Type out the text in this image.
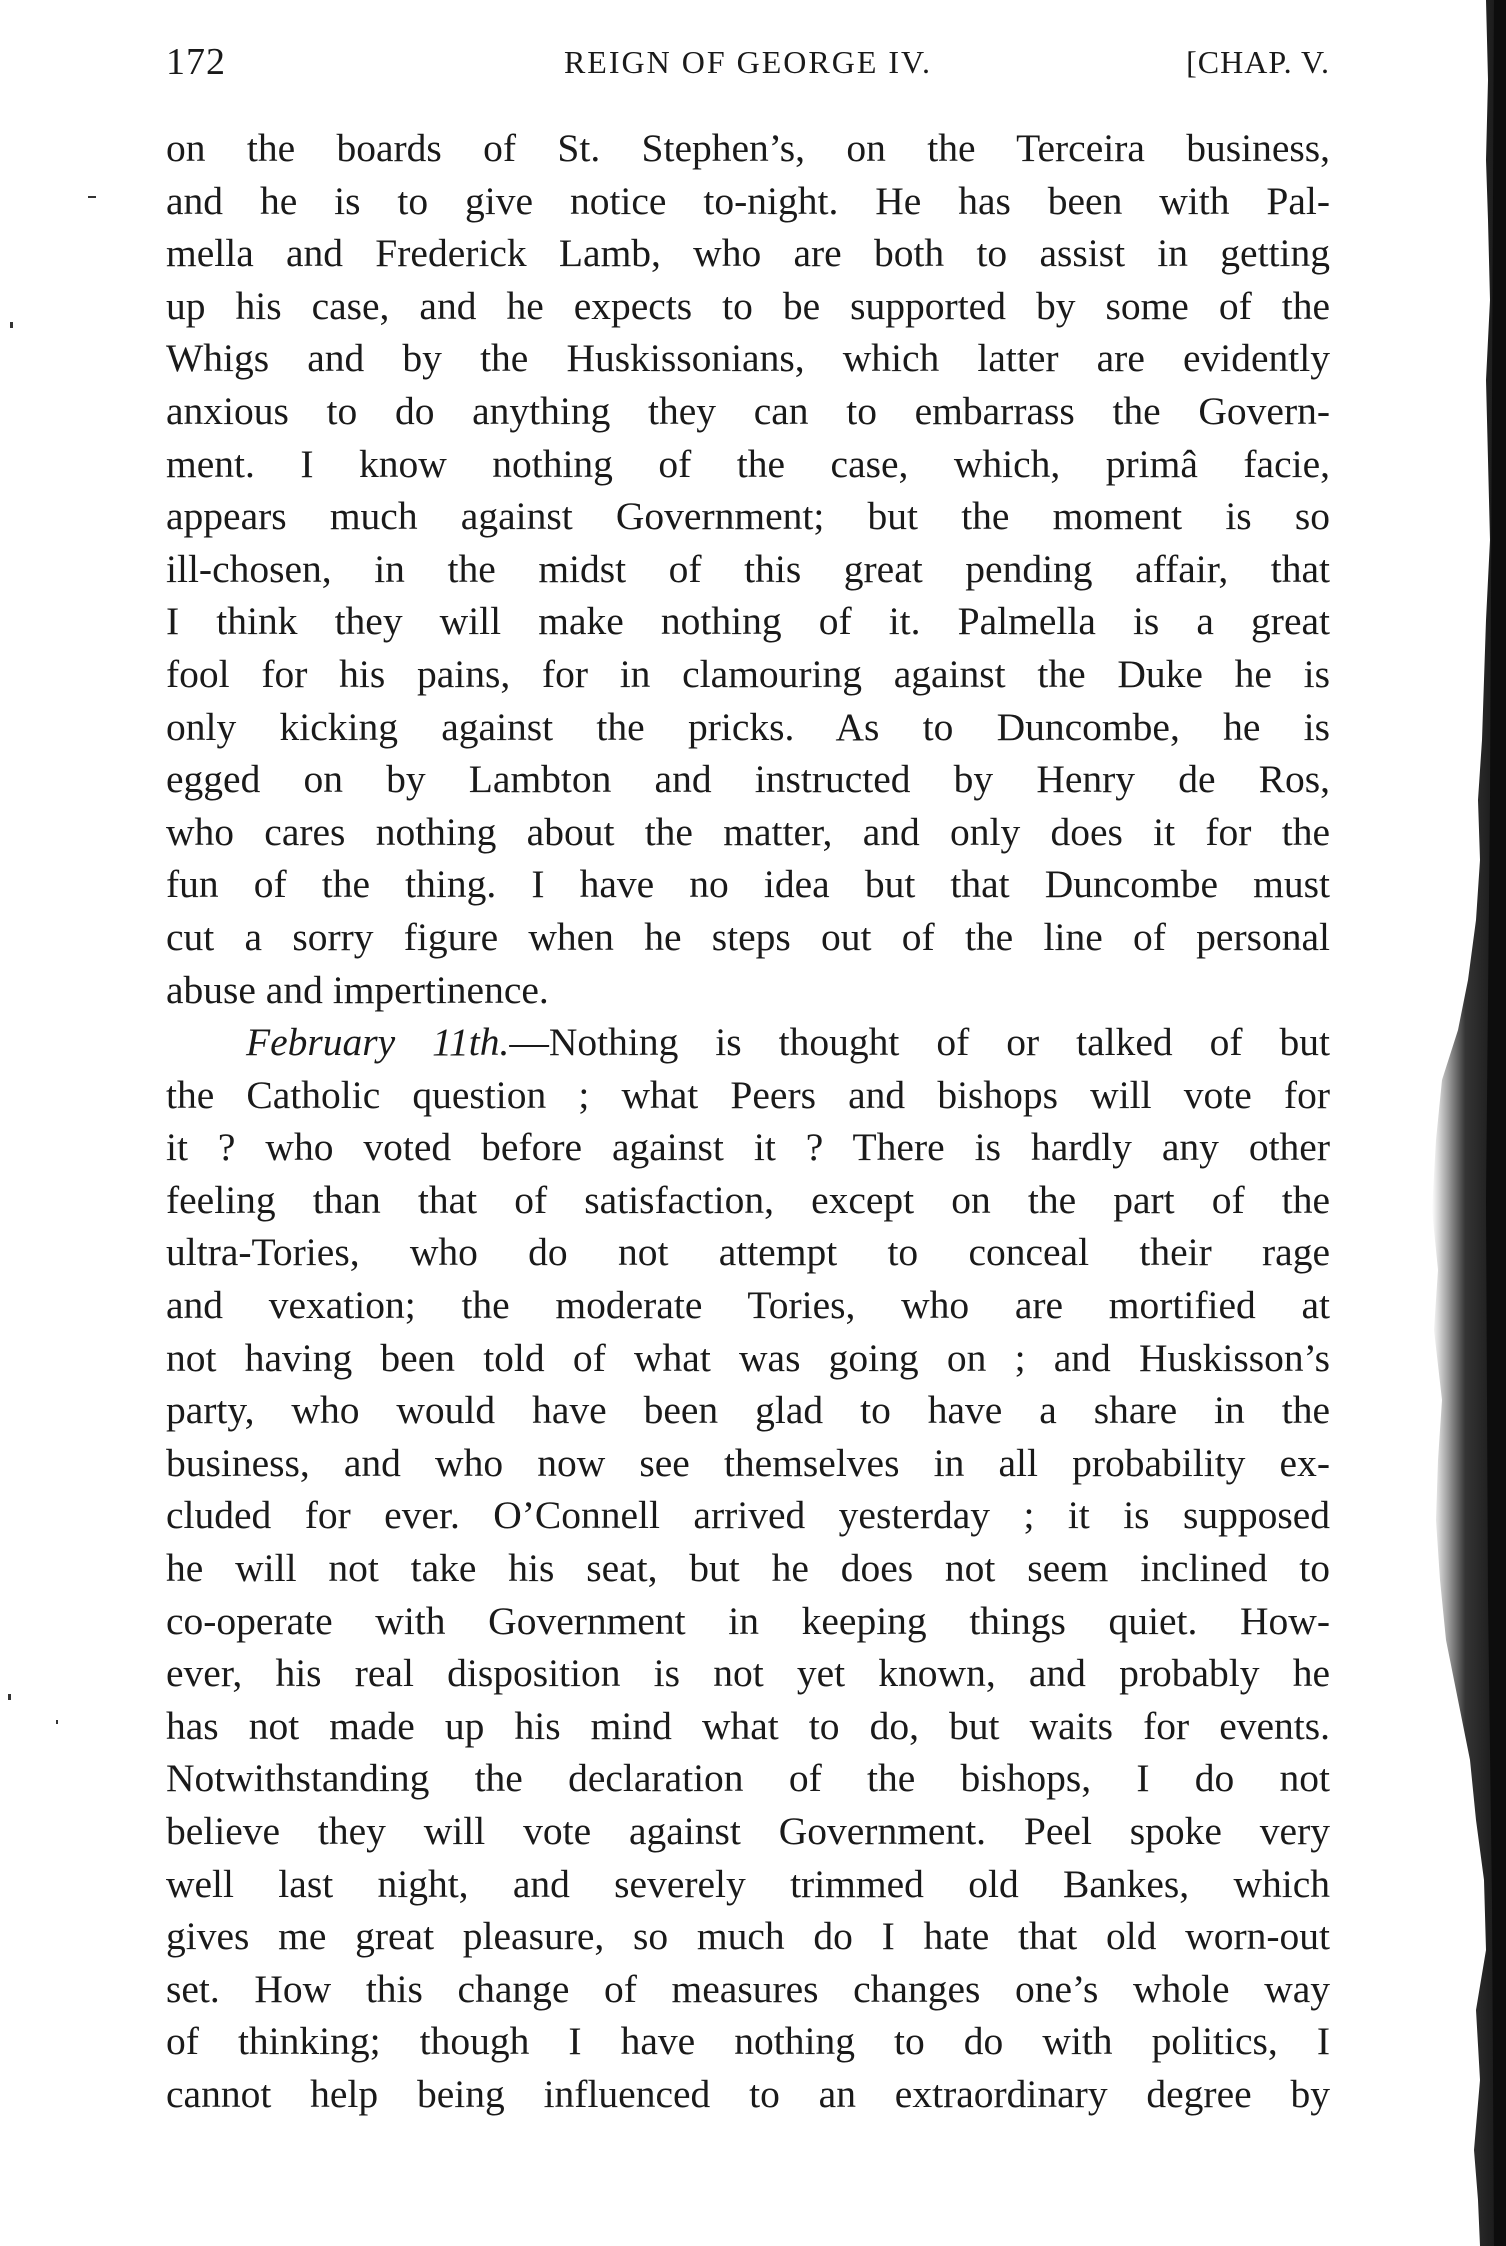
172	REIGN OF GEORGE IV.	[CHAP. V.
on the boards of St. Stephen’s, on the Terceira business,
and he is to give notice to-night. He has been with Pal-
mella and Frederick Lamb, who are both to assist in getting
up his case, and he expects to be supported by some of the
Whigs and by the Huskissonians, which latter are evidently
anxious to do anything they can to embarrass the Govern-
ment. I know nothing of the case, which, primâ facie,
appears much against Government; but the moment is so
ill-chosen, in the midst of this great pending affair, that
I think they will make nothing of it. Palmella is a great
fool for his pains, for in clamouring against the Duke he is
only kicking against the pricks. As to Duncombe, he is
egged on by Lambton and instructed by Henry de Ros,
who cares nothing about the matter, and only does it for the
fun of the thing. I have no idea but that Duncombe must
cut a sorry figure when he steps out of the line of personal
abuse and impertinence.
February 11th.—Nothing is thought of or talked of but
the Catholic question ; what Peers and bishops will vote for
it ? who voted before against it ? There is hardly any other
feeling than that of satisfaction, except on the part of the
ultra-Tories, who do not attempt to conceal their rage
and vexation; the moderate Tories, who are mortified at
not having been told of what was going on ; and Huskisson’s
party, who would have been glad to have a share in the
business, and who now see themselves in all probability ex-
cluded for ever. O’Connell arrived yesterday ; it is supposed
he will not take his seat, but he does not seem inclined to
co-operate with Government in keeping things quiet. How-
ever, his real disposition is not yet known, and probably he
has not made up his mind what to do, but waits for events.
Notwithstanding the declaration of the bishops, I do not
believe they will vote against Government. Peel spoke very
well last night, and severely trimmed old Bankes, which
gives me great pleasure, so much do I hate that old worn-out
set. How this change of measures changes one’s whole way
of thinking; though I have nothing to do with politics, I
cannot help being influenced to an extraordinary degree by
